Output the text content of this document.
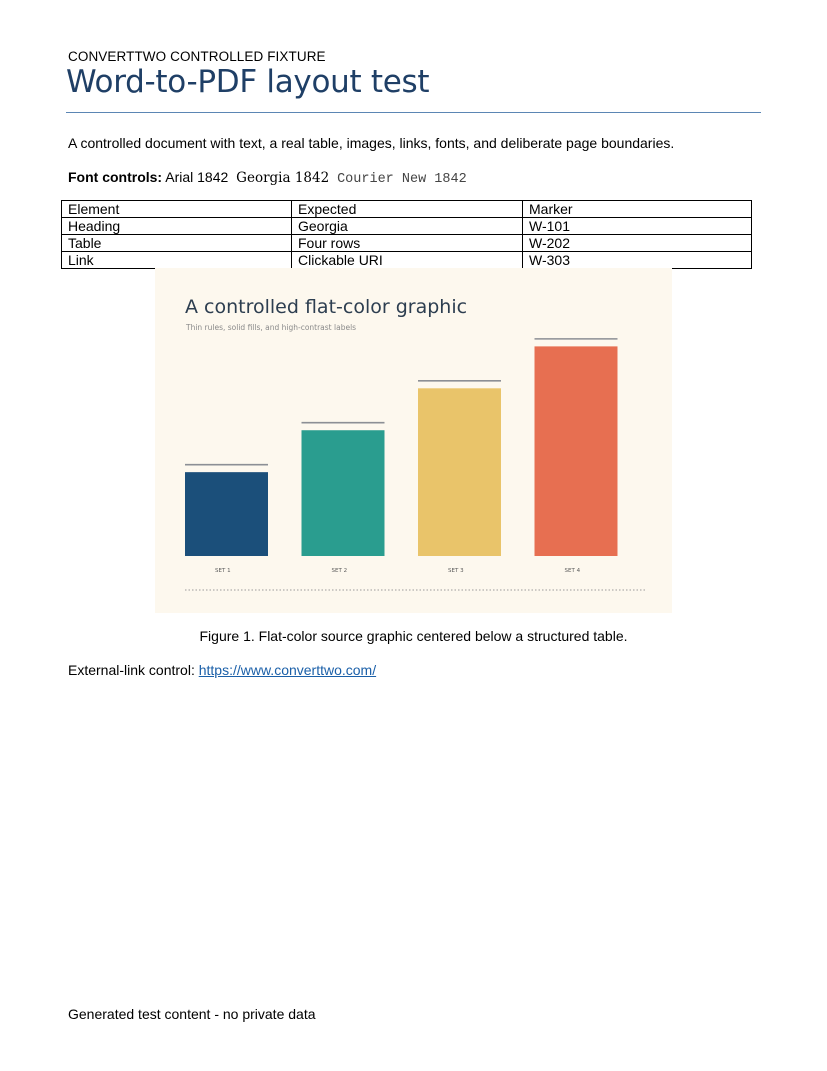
CONVERTTWO CONTROLLED FIXTURE
Word-to-PDF layout test
A controlled document with text, a real table, images, links, fonts, and deliberate page boundaries.
Font controls: Arial 1842 Georgia 1842 Courier New 1842
Element	Expected	Marker
Heading	Georgia	W-101
Table	Four rows	W-202
Link	Clickable URI	W-303
A controlled flat-color graphic
Thin rules, solid fills, and high-contrast labels
SET 1	SET 2	SET 3	SET 4
Figure 1. Flat-color source graphic centered below a structured table.
External-link control: https://www.converttwo.com/
Generated test content - no private data
